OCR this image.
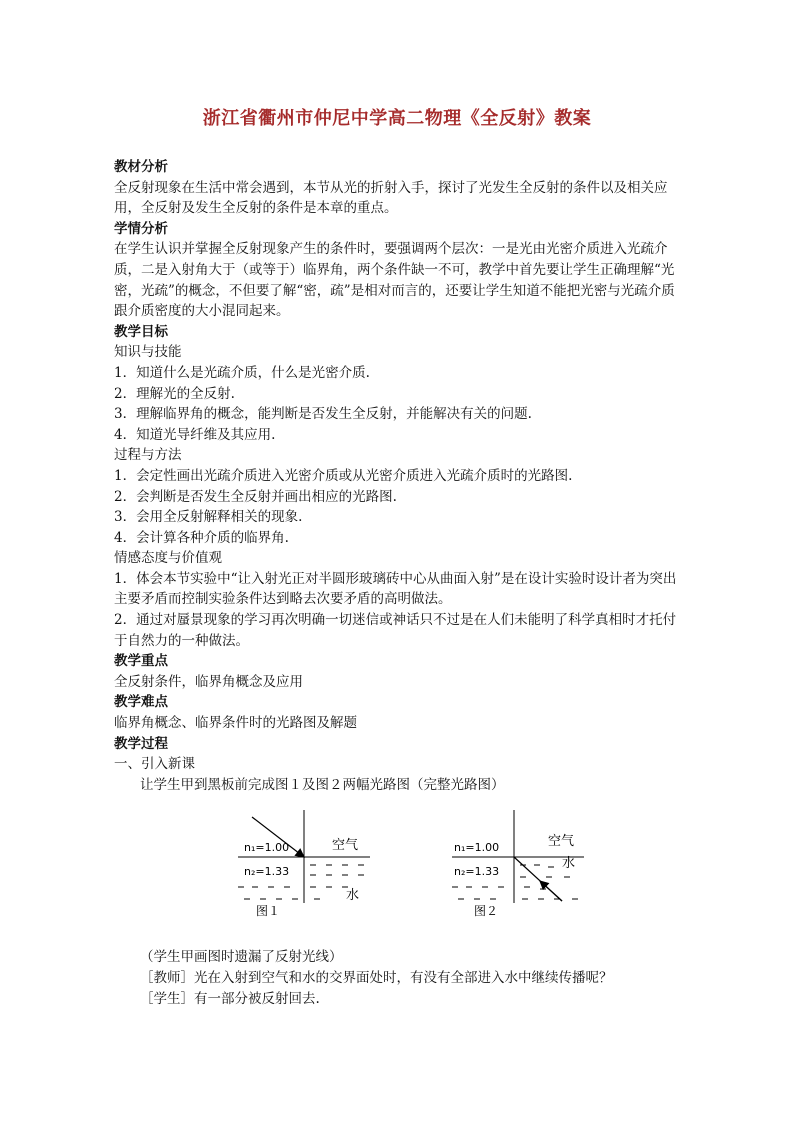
浙江省衢州市仲尼中学高二物理《全反射》教案

教材分析

全反射现象在生活中常会遇到，本节从光的折射入手，探讨了光发生全反射的条件以及相关应用，全反射及发生全反射的条件是本章的重点。

学情分析

在学生认识并掌握全反射现象产生的条件时，要强调两个层次：一是光由光密介质进入光疏介质，二是入射角大于（或等于）临界角，两个条件缺一不可，教学中首先要让学生正确理解“光密，光疏”的概念，不但要了解“密，疏”是相对而言的，还要让学生知道不能把光密与光疏介质跟介质密度的大小混同起来。

教学目标

知识与技能

1．知道什么是光疏介质，什么是光密介质.

2．理解光的全反射.

3．理解临界角的概念，能判断是否发生全反射，并能解决有关的问题.

4．知道光导纤维及其应用.

过程与方法

1．会定性画出光疏介质进入光密介质或从光密介质进入光疏介质时的光路图.

2．会判断是否发生全反射并画出相应的光路图.

3．会用全反射解释相关的现象.

4．会计算各种介质的临界角.

情感态度与价值观

1．体会本节实验中“让入射光正对半圆形玻璃砖中心从曲面入射”是在设计实验时设计者为突出主要矛盾而控制实验条件达到略去次要矛盾的高明做法。

2．通过对蜃景现象的学习再次明确一切迷信或神话只不过是在人们未能明了科学真相时才托付于自然力的一种做法。

教学重点

全反射条件，临界角概念及应用

教学难点

临界角概念、临界条件时的光路图及解题

教学过程

一、引入新课

让学生甲到黑板前完成图１及图２两幅光路图（完整光路图）

n₁=1.00
n₂=1.33
空气
水
图１
n₁=1.00
n₂=1.33
空气
水
图２

（学生甲画图时遗漏了反射光线）

［教师］光在入射到空气和水的交界面处时，有没有全部进入水中继续传播呢？

［学生］有一部分被反射回去.
